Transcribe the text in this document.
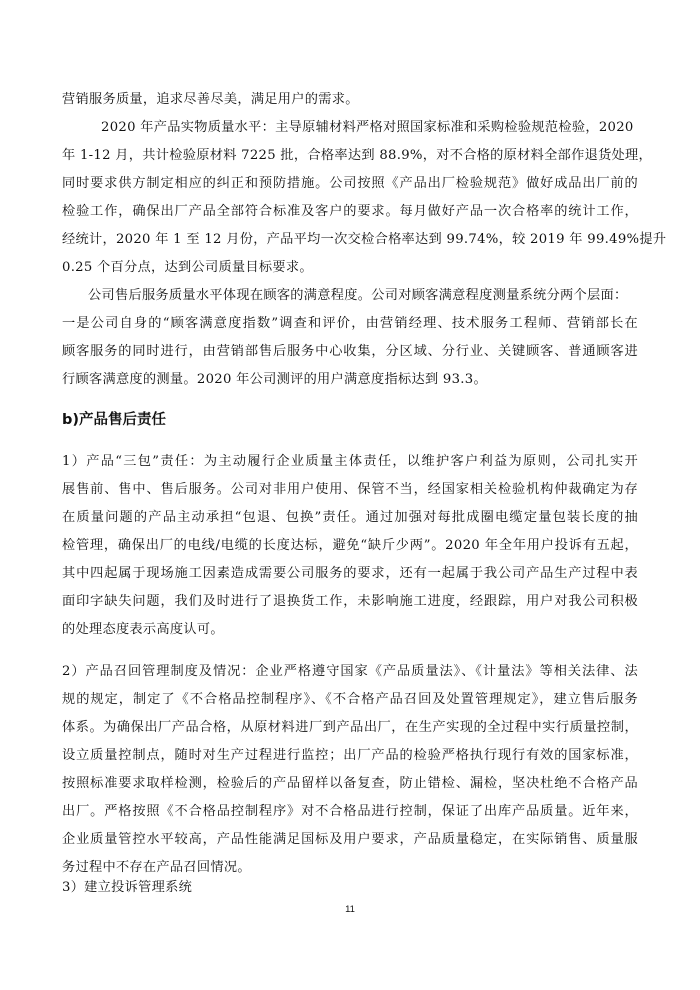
营销服务质量，追求尽善尽美，满足用户的需求。
2020 年产品实物质量水平：主导原辅材料严格对照国家标准和采购检验规范检验，2020
年 1-12 月，共计检验原材料 7225 批，合格率达到 88.9%，对不合格的原材料全部作退货处理，
同时要求供方制定相应的纠正和预防措施。公司按照《产品出厂检验规范》做好成品出厂前的
检验工作，确保出厂产品全部符合标准及客户的要求。每月做好产品一次合格率的统计工作，
经统计，2020 年 1 至 12 月份，产品平均一次交检合格率达到 99.74%，较 2019 年 99.49%提升
0.25 个百分点，达到公司质量目标要求。
公司售后服务质量水平体现在顾客的满意程度。公司对顾客满意程度测量系统分两个层面：
一是公司自身的“顾客满意度指数”调查和评价，由营销经理、技术服务工程师、营销部长在
顾客服务的同时进行，由营销部售后服务中心收集，分区域、分行业、关键顾客、普通顾客进
行顾客满意度的测量。2020 年公司测评的用户满意度指标达到 93.3。
b)产品售后责任
1）产品“三包”责任：为主动履行企业质量主体责任，以维护客户利益为原则，公司扎实开
展售前、售中、售后服务。公司对非用户使用、保管不当，经国家相关检验机构仲裁确定为存
在质量问题的产品主动承担“包退、包换”责任。通过加强对每批成圈电缆定量包装长度的抽
检管理，确保出厂的电线/电缆的长度达标，避免“缺斤少两”。2020 年全年用户投诉有五起，
其中四起属于现场施工因素造成需要公司服务的要求，还有一起属于我公司产品生产过程中表
面印字缺失问题，我们及时进行了退换货工作，未影响施工进度，经跟踪，用户对我公司积极
的处理态度表示高度认可。
2）产品召回管理制度及情况：企业严格遵守国家《产品质量法》、《计量法》等相关法律、法
规的规定，制定了《不合格品控制程序》、《不合格产品召回及处置管理规定》，建立售后服务
体系。为确保出厂产品合格，从原材料进厂到产品出厂，在生产实现的全过程中实行质量控制，
设立质量控制点，随时对生产过程进行监控；出厂产品的检验严格执行现行有效的国家标准，
按照标准要求取样检测，检验后的产品留样以备复查，防止错检、漏检，坚决杜绝不合格产品
出厂。严格按照《不合格品控制程序》对不合格品进行控制，保证了出库产品质量。近年来，
企业质量管控水平较高，产品性能满足国标及用户要求，产品质量稳定，在实际销售、质量服
务过程中不存在产品召回情况。
3）建立投诉管理系统
11
